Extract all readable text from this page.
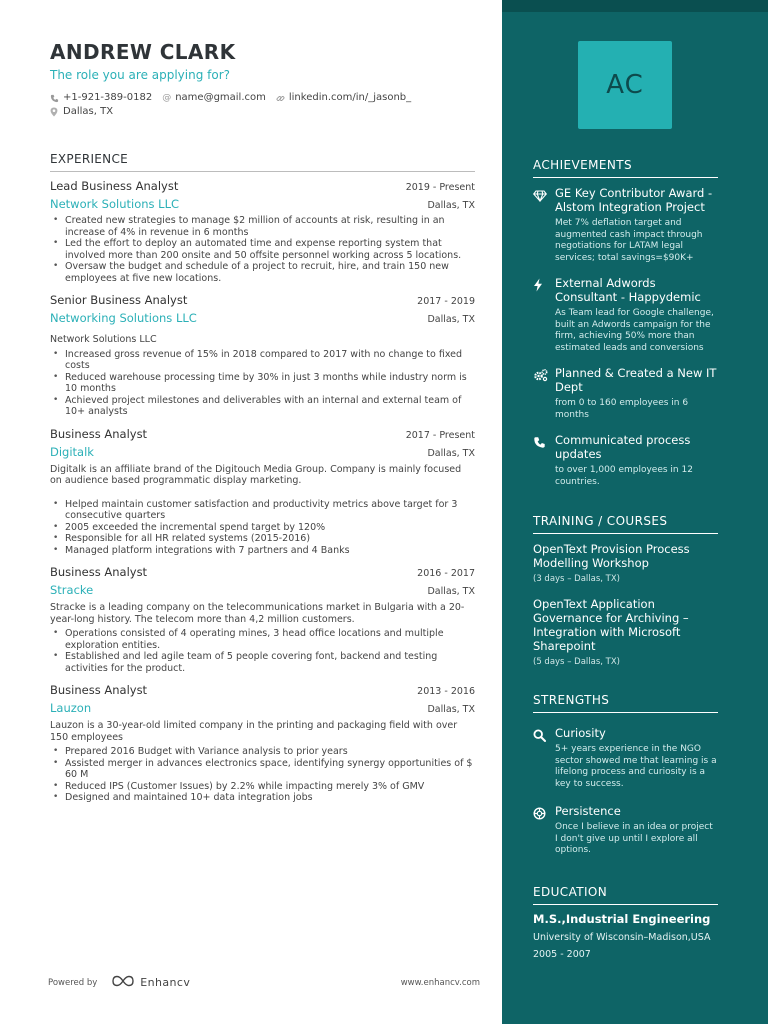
ANDREW CLARK
The role you are applying for?
+1-921-389-0182 @ name@gmail.com linkedin.com/in/_jasonb_
Dallas, TX
EXPERIENCE
Lead Business Analyst	2019 - Present
Network Solutions LLC	Dallas, TX
• Created new strategies to manage $2 million of accounts at risk, resulting in an increase of 4% in revenue in 6 months
• Led the effort to deploy an automated time and expense reporting system that involved more than 200 onsite and 50 offsite personnel working across 5 locations.
• Oversaw the budget and schedule of a project to recruit, hire, and train 150 new employees at five new locations.
Senior Business Analyst	2017 - 2019
Networking Solutions LLC	Dallas, TX
Network Solutions LLC
• Increased gross revenue of 15% in 2018 compared to 2017 with no change to fixed costs
• Reduced warehouse processing time by 30% in just 3 months while industry norm is 10 months
• Achieved project milestones and deliverables with an internal and external team of 10+ analysts
Business Analyst	2017 - Present
Digitalk	Dallas, TX
Digitalk is an affiliate brand of the Digitouch Media Group. Company is mainly focused on audience based programmatic display marketing.
• Helped maintain customer satisfaction and productivity metrics above target for 3 consecutive quarters
• 2005 exceeded the incremental spend target by 120%
• Responsible for all HR related systems (2015-2016)
• Managed platform integrations with 7 partners and 4 Banks
Business Analyst	2016 - 2017
Stracke	Dallas, TX
Stracke is a leading company on the telecommunications market in Bulgaria with a 20-year-long history. The telecom more than 4,2 million customers.
• Operations consisted of 4 operating mines, 3 head office locations and multiple exploration entities.
• Established and led agile team of 5 people covering font, backend and testing activities for the product.
Business Analyst	2013 - 2016
Lauzon	Dallas, TX
Lauzon is a 30-year-old limited company in the printing and packaging field with over 150 employees
• Prepared 2016 Budget with Variance analysis to prior years
• Assisted merger in advances electronics space, identifying synergy opportunities of $ 60 M
• Reduced IPS (Customer Issues) by 2.2% while impacting merely 3% of GMV
• Designed and maintained 10+ data integration jobs
Powered by	Enhancv	www.enhancv.com
AC
ACHIEVEMENTS
GE Key Contributor Award - Alstom Integration Project
Met 7% deflation target and augmented cash impact through negotiations for LATAM legal services; total savings=$90K+
External Adwords Consultant - Happydemic
As Team lead for Google challenge, built an Adwords campaign for the firm, achieving 50% more than estimated leads and conversions
Planned & Created a New IT Dept
from 0 to 160 employees in 6 months
Communicated process updates
to over 1,000 employees in 12 countries.
TRAINING / COURSES
OpenText Provision Process Modelling Workshop
(3 days – Dallas, TX)
OpenText Application Governance for Archiving – Integration with Microsoft Sharepoint
(5 days – Dallas, TX)
STRENGTHS
Curiosity
5+ years experience in the NGO sector showed me that learning is a lifelong process and curiosity is a key to success.
Persistence
Once I believe in an idea or project I don't give up until I explore all options.
EDUCATION
M.S.,Industrial Engineering
University of Wisconsin–Madison,USA
2005 - 2007
